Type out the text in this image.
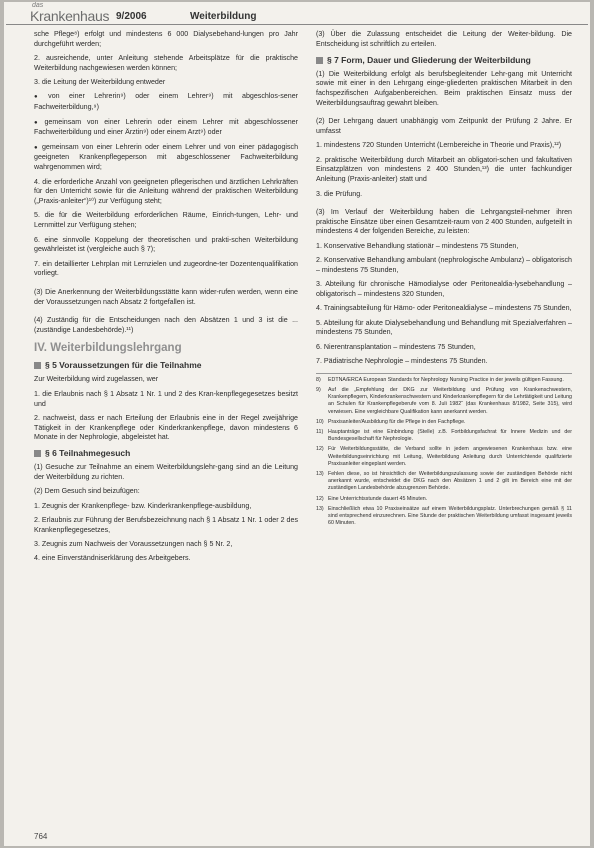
das
Krankenhaus 9/2006	Weiterbildung

sche Pflege⁸) erfolgt und mindestens 6 000 Dialysebehand-lungen pro Jahr durchgeführt werden;

2. ausreichende, unter Anleitung stehende Arbeitsplätze für die praktische Weiterbildung nachgewiesen werden können;

3. die Leitung der Weiterbildung entweder

● von einer Lehrerin⁹) oder einem Lehrer⁹) mit abgeschlos-sener Fachweiterbildung,⁹)

● gemeinsam von einer Lehrerin oder einem Lehrer mit abgeschlossener Fachweiterbildung und einer Ärztin⁹) oder einem Arzt⁹) oder

● gemeinsam von einer Lehrerin oder einem Lehrer und von einer pädagogisch geeigneten Krankenpflegeperson mit abgeschlossener Fachweiterbildung wahrgenommen wird;

4. die erforderliche Anzahl von geeigneten pflegerischen und ärztlichen Lehrkräften für den Unterricht sowie für die Anleitung während der praktischen Weiterbildung („Praxis-anleiter“)¹⁰) zur Verfügung steht;

5. die für die Weiterbildung erforderlichen Räume, Einrich-tungen, Lehr- und Lernmittel zur Verfügung stehen;

6. eine sinnvolle Koppelung der theoretischen und prakti-schen Weiterbildung gewährleistet ist (vergleiche auch § 7);

7. ein detaillierter Lehrplan mit Lernzielen und zugeordne-ter Dozentenqualifikation vorliegt.

(3) Die Anerkennung der Weiterbildungsstätte kann wider-rufen werden, wenn eine der Voraussetzungen nach Absatz 2 fortgefallen ist.

(4) Zuständig für die Entscheidungen nach den Absätzen 1 und 3 ist die ... (zuständige Landesbehörde).¹¹)

IV. Weiterbildungslehrgang
§ 5 Voraussetzungen für die Teilnahme

Zur Weiterbildung wird zugelassen, wer

1. die Erlaubnis nach § 1 Absatz 1 Nr. 1 und 2 des Kran-kenpflegegesetzes besitzt und

2. nachweist, dass er nach Erteilung der Erlaubnis eine in der Regel zweijährige Tätigkeit in der Krankenpflege oder Kinderkrankenpflege, davon mindestens 6 Monate in der Nephrologie, abgeleistet hat.

§ 6 Teilnahmegesuch

(1) Gesuche zur Teilnahme an einem Weiterbildungslehr-gang sind an die Leitung der Weiterbildung zu richten.

(2) Dem Gesuch sind beizufügen:

1. Zeugnis der Krankenpflege- bzw. Kinderkrankenpflege-ausbildung,

2. Erlaubnis zur Führung der Berufsbezeichnung nach § 1 Absatz 1 Nr. 1 oder 2 des Krankenpflegegesetzes,

3. Zeugnis zum Nachweis der Voraussetzungen nach § 5 Nr. 2,

4. eine Einverständniserklärung des Arbeitgebers.

(3) Über die Zulassung entscheidet die Leitung der Weiter-bildung. Die Entscheidung ist schriftlich zu erteilen.

§ 7 Form, Dauer und Gliederung der Weiterbildung

(1) Die Weiterbildung erfolgt als berufsbegleitender Lehr-gang mit Unterricht sowie mit einer in den Lehrgang einge-gliederten praktischen Mitarbeit in den fachspezifischen Aufgabenbereichen. Beim praktischen Einsatz muss der Weiterbildungsauftrag gewahrt bleiben.

(2) Der Lehrgang dauert unabhängig vom Zeitpunkt der Prüfung 2 Jahre. Er umfasst

1. mindestens 720 Stunden Unterricht (Lernbereiche in Theorie und Praxis),¹²)

2. praktische Weiterbildung durch Mitarbeit an obligatori-schen und fakultativen Einsatzplätzen von mindestens 2 400 Stunden,¹³) die unter fachkundiger Anleitung (Praxis-anleiter) statt und

3. die Prüfung.

(3) Im Verlauf der Weiterbildung haben die Lehrgangsteil-nehmer ihren praktische Einsätze über einen Gesamtzeit-raum von 2 400 Stunden, aufgeteilt in mindestens 4 der folgenden Bereiche, zu leisten:

1. Konservative Behandlung stationär – mindestens 75 Stunden,

2. Konservative Behandlung ambulant (nephrologische Ambulanz) – obligatorisch – mindestens 75 Stunden,

3. Abteilung für chronische Hämodialyse oder Peritonealdia-lysebehandlung – obligatorisch – mindestens 320 Stunden,

4. Trainingsabteilung für Hämo- oder Peritonealdialyse – mindestens 75 Stunden,

5. Abteilung für akute Dialysebehandlung und Behandlung mit Spezialverfahren – mindestens 75 Stunden,

6. Nierentransplantation – mindestens 75 Stunden,

7. Pädiatrische Nephrologie – mindestens 75 Stunden.

8)	EDTNA/ERCA European Standards for Nephrology Nursing Practice in der jeweils gültigen Fassung.
9)	Auf die „Empfehlung der DKG zur Weiterbildung und Prüfung von Krankenschwestern, Krankenpflegern, Kinderkrankenschwestern und Kinderkrankenpflegern für die Lehrtätigkeit und Leitung an Schulen für Krankenpflegeberufe vom 8. Juli 1982“ (das Krankenhaus 8/1982, Seite 315), wird verwiesen. Eine vergleichbare Qualifikation kann anerkannt werden.
10) Praxisanleiter/Ausbildung für die Pflege in den Fachpflege.
11) Hauptanträge ist eine Einbindung (Stelle) z.B. Fortbildungsfachrat für Innere Medizin und der Bundesgesellschaft für Nephrologie.
12) Für Weiterbildungsstätte, die Verband sollte in jedem angewiesenen Krankenhaus bzw. eine Weiterbildungseinrichtung mit Leitung, Weiterbildung Anleitung durch Unterrichtende qualifizierte Praxisanleiter eingeplant werden.
13) Fehlen diese, so ist hinsichtlich der Weiterbildungszulassung sowie der zuständigen Behörde nicht anerkannt wurde, entscheidet die DKG nach den Absätzen 1 und 2 gilt im Bereich eine mit der zuständigen Landesbehörde abzugrenzen Behörde.
12) Eine Unterrichtsstunde dauert 45 Minuten.
13) Einschließlich etwa 10 Praxiseinsätze auf einem Weiterbildungsplatz. Unterbrechungen gemäß § 11 sind entsprechend einzurechnen. Eine Stunde der praktischen Weiterbildung umfasst insgesamt jeweils 60 Minuten.
764
